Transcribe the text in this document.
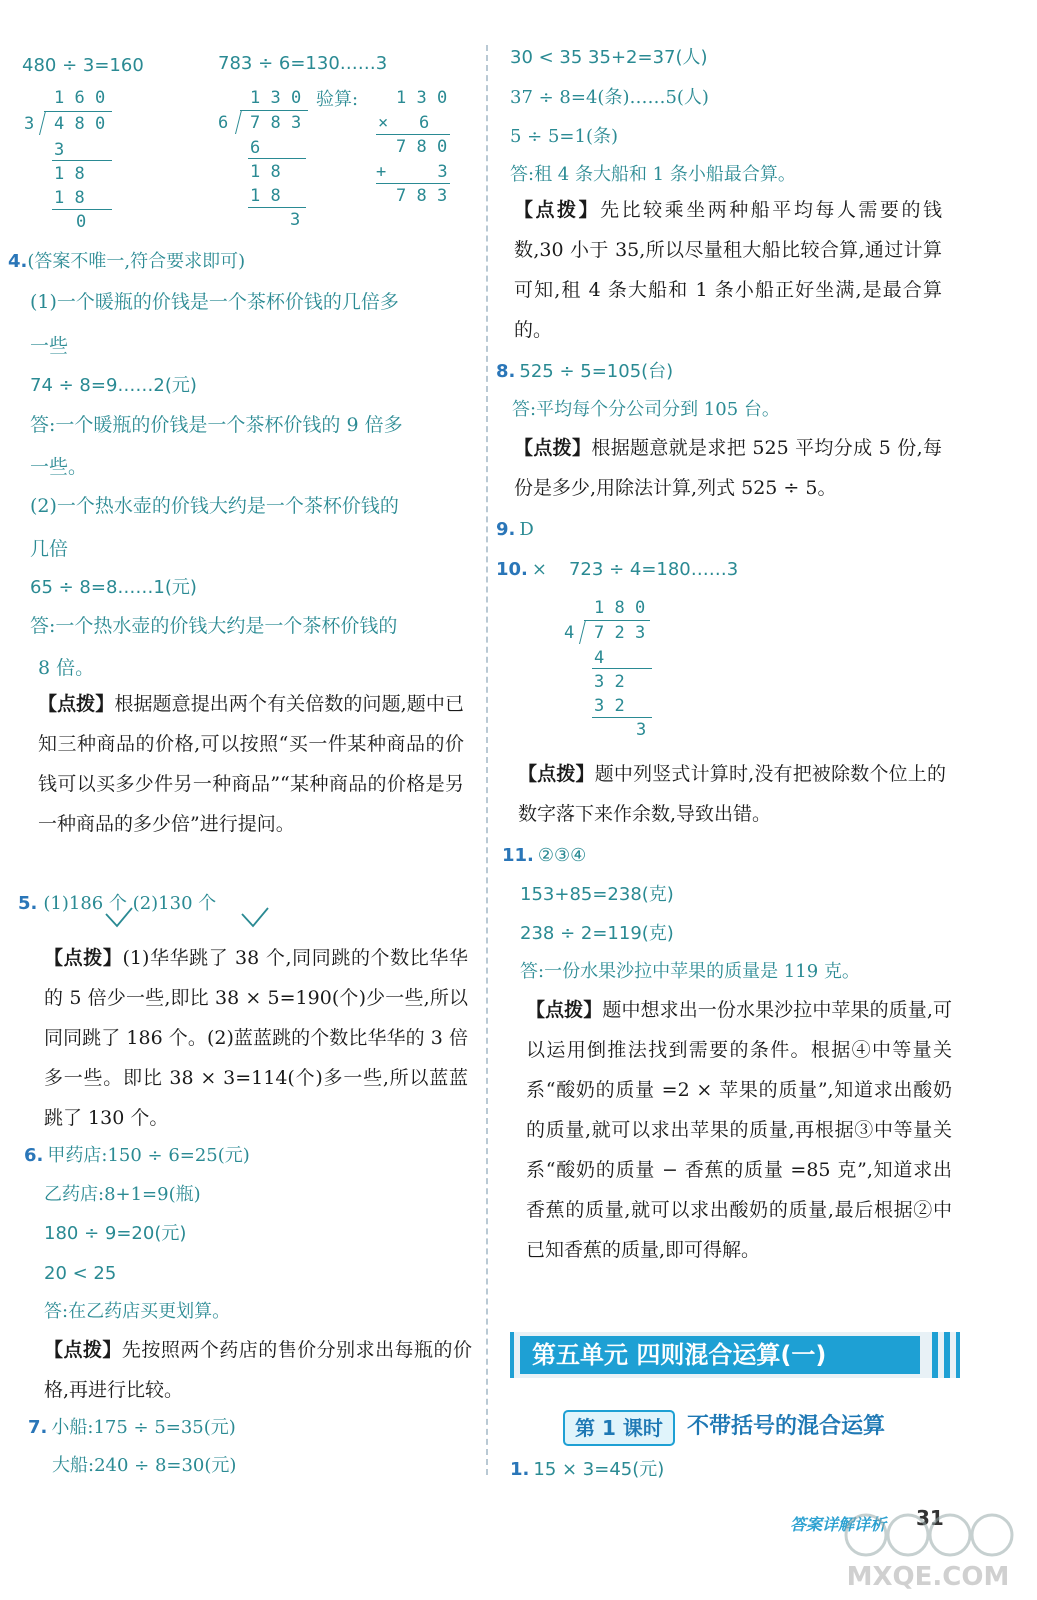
480 ÷ 3=160
1 6 0
3 4 8 0
3
1 8
1 8
0
783 ÷ 6=130……3
1 3 0
6 7 8 3
6
1 8
1 8
3
验算: 1 3 0
×   6
7 8 0
+     3
7 8 3
4.(答案不唯一,符合要求即可)
(1)一个暖瓶的价钱是一个茶杯价钱的几倍多
一些
74 ÷ 8=9……2(元)
答:一个暖瓶的价钱是一个茶杯价钱的 9 倍多
一些。
(2)一个热水壶的价钱大约是一个茶杯价钱的
几倍
65 ÷ 8=8……1(元)
答:一个热水壶的价钱大约是一个茶杯价钱的
8 倍。
【点拨】根据题意提出两个有关倍数的问题,题中已知三种商品的价格,可以按照“买一件某种商品的价钱可以买多少件另一种商品”“某种商品的价格是另一种商品的多少倍”进行提问。
5. (1)186 个 (2)130 个
【点拨】(1)华华跳了 38 个,同同跳的个数比华华的 5 倍少一些,即比 38 × 5=190(个)少一些,所以同同跳了 186 个。(2)蓝蓝跳的个数比华华的 3 倍多一些。即比 38 × 3=114(个)多一些,所以蓝蓝跳了 130 个。
6. 甲药店:150 ÷ 6=25(元)
乙药店:8+1=9(瓶)
180 ÷ 9=20(元)
20 < 25
答:在乙药店买更划算。
【点拨】先按照两个药店的售价分别求出每瓶的价格,再进行比较。
7. 小船:175 ÷ 5=35(元)
大船:240 ÷ 8=30(元)
30 < 35 35+2=37(人)
37 ÷ 8=4(条)……5(人)
5 ÷ 5=1(条)
答:租 4 条大船和 1 条小船最合算。
【点拨】先比较乘坐两种船平均每人需要的钱数,30 小于 35,所以尽量租大船比较合算,通过计算可知,租 4 条大船和 1 条小船正好坐满,是最合算的。
8. 525 ÷ 5=105(台)
答:平均每个分公司分到 105 台。
【点拨】根据题意就是求把 525 平均分成 5 份,每份是多少,用除法计算,列式 525 ÷ 5。
9. D
10. × 723 ÷ 4=180……3
1 8 0
4 7 2 3
4
3 2
3 2
3
【点拨】题中列竖式计算时,没有把被除数个位上的数字落下来作余数,导致出错。
11. ②③④
153+85=238(克)
238 ÷ 2=119(克)
答:一份水果沙拉中苹果的质量是 119 克。
【点拨】题中想求出一份水果沙拉中苹果的质量,可以运用倒推法找到需要的条件。根据④中等量关系“酸奶的质量 =2 × 苹果的质量”,知道求出酸奶的质量,就可以求出苹果的质量,再根据③中等量关系“酸奶的质量 − 香蕉的质量 =85 克”,知道求出香蕉的质量,就可以求出酸奶的质量,最后根据②中已知香蕉的质量,即可得解。
第五单元 四则混合运算(一)
第 1 课时	不带括号的混合运算
1. 15 × 3=45(元)
答案详解详析 31
MXQE.COM
